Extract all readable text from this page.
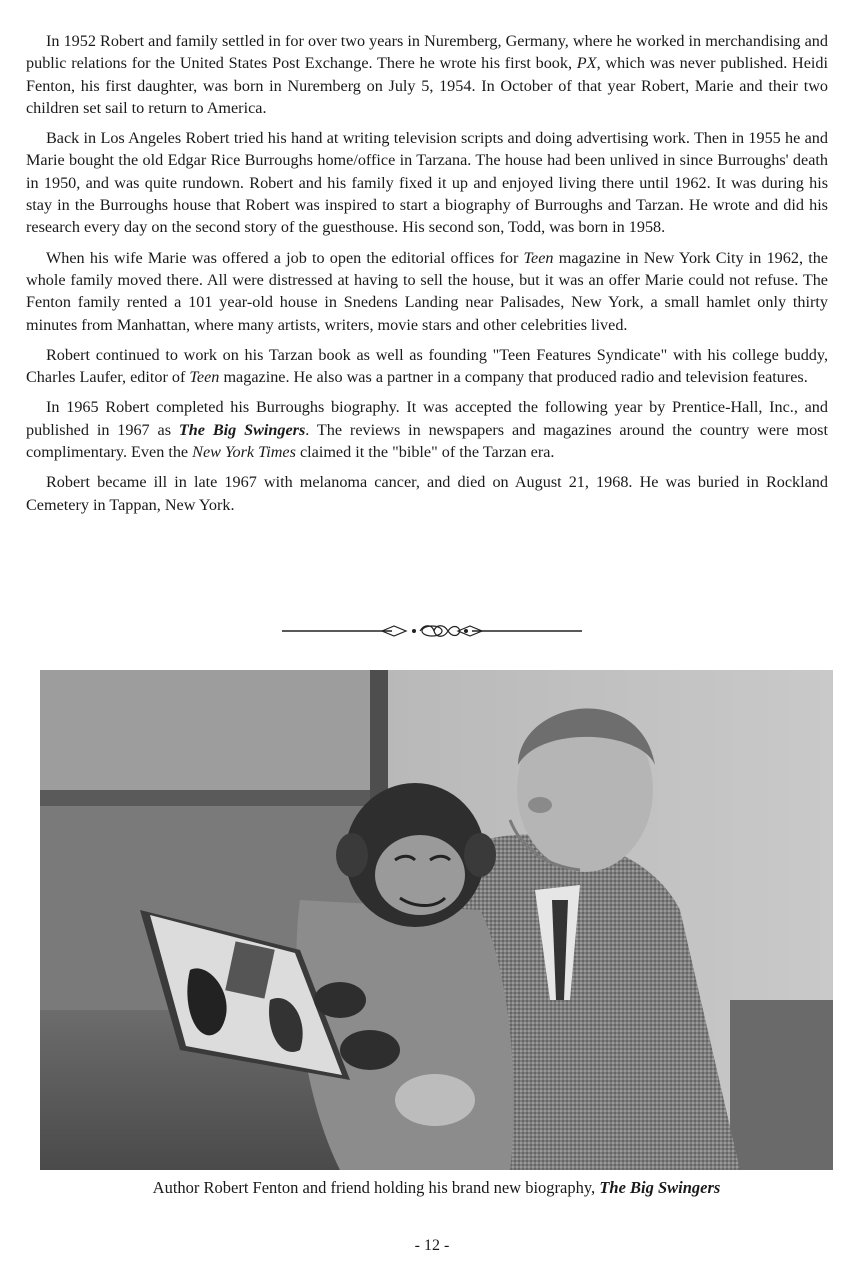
In 1952 Robert and family settled in for over two years in Nuremberg, Germany, where he worked in merchandising and public relations for the United States Post Exchange. There he wrote his first book, PX, which was never published. Heidi Fenton, his first daughter, was born in Nuremberg on July 5, 1954. In October of that year Robert, Marie and their two children set sail to return to America.

Back in Los Angeles Robert tried his hand at writing television scripts and doing advertising work. Then in 1955 he and Marie bought the old Edgar Rice Burroughs home/office in Tarzana. The house had been unlived in since Burroughs' death in 1950, and was quite rundown. Robert and his family fixed it up and enjoyed living there until 1962. It was during his stay in the Burroughs house that Robert was inspired to start a biography of Burroughs and Tarzan. He wrote and did his research every day on the second story of the guesthouse. His second son, Todd, was born in 1958.

When his wife Marie was offered a job to open the editorial offices for Teen magazine in New York City in 1962, the whole family moved there. All were distressed at having to sell the house, but it was an offer Marie could not refuse. The Fenton family rented a 101 year-old house in Snedens Landing near Palisades, New York, a small hamlet only thirty minutes from Manhattan, where many artists, writers, movie stars and other celebrities lived.

Robert continued to work on his Tarzan book as well as founding "Teen Features Syndicate" with his college buddy, Charles Laufer, editor of Teen magazine. He also was a partner in a company that produced radio and television features.

In 1965 Robert completed his Burroughs biography. It was accepted the following year by Prentice-Hall, Inc., and published in 1967 as The Big Swingers. The reviews in newspapers and magazines around the country were most complimentary. Even the New York Times claimed it the "bible" of the Tarzan era.

Robert became ill in late 1967 with melanoma cancer, and died on August 21, 1968. He was buried in Rockland Cemetery in Tappan, New York.

Author Robert Fenton and friend holding his brand new biography, The Big Swingers
- 12 -
